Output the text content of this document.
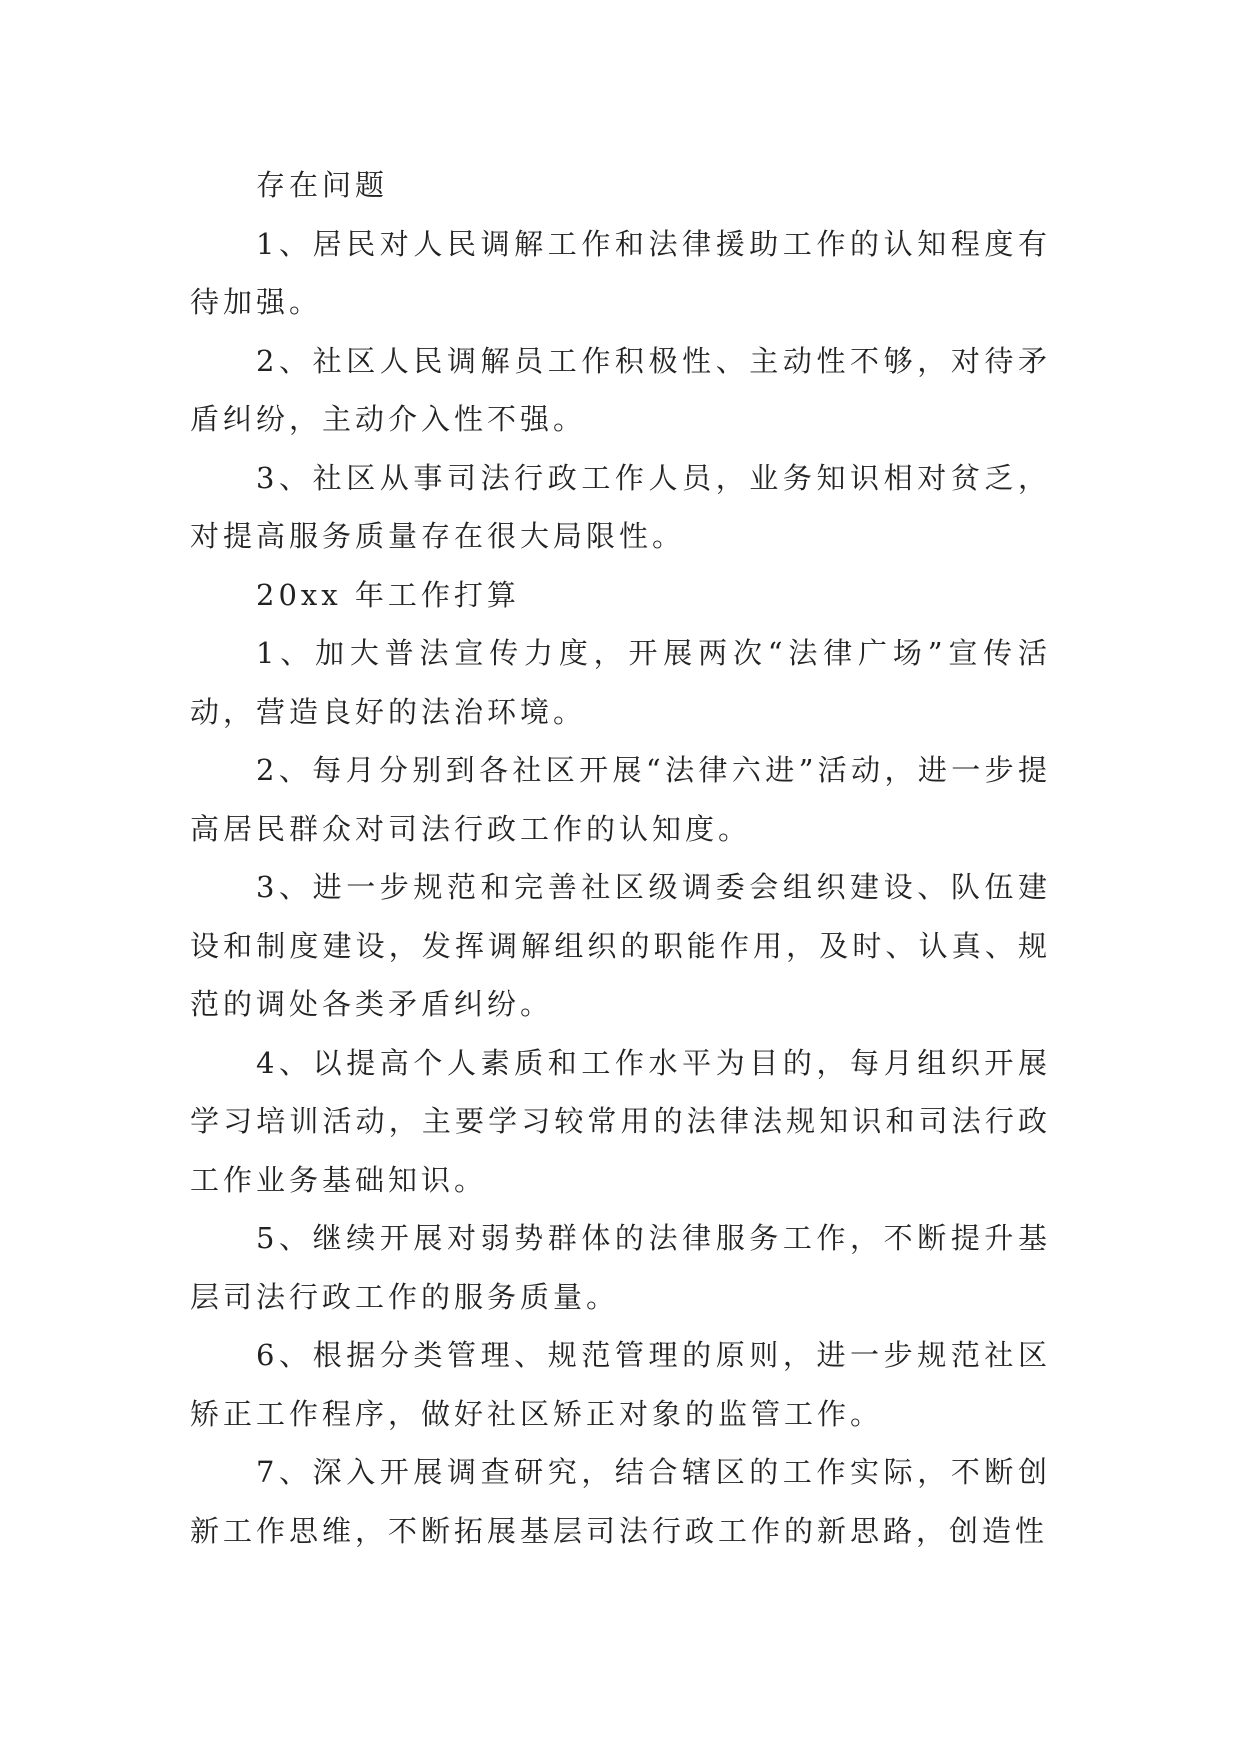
存在问题

1、居民对人民调解工作和法律援助工作的认知程度有待加强。

2、社区人民调解员工作积极性、主动性不够，对待矛盾纠纷，主动介入性不强。

3、社区从事司法行政工作人员，业务知识相对贫乏，对提高服务质量存在很大局限性。

20xx 年工作打算

1、加大普法宣传力度，开展两次“法律广场”宣传活动，营造良好的法治环境。

2、每月分别到各社区开展“法律六进”活动，进一步提高居民群众对司法行政工作的认知度。

3、进一步规范和完善社区级调委会组织建设、队伍建设和制度建设，发挥调解组织的职能作用，及时、认真、规范的调处各类矛盾纠纷。

4、以提高个人素质和工作水平为目的，每月组织开展学习培训活动，主要学习较常用的法律法规知识和司法行政工作业务基础知识。

5、继续开展对弱势群体的法律服务工作，不断提升基层司法行政工作的服务质量。

6、根据分类管理、规范管理的原则，进一步规范社区矫正工作程序，做好社区矫正对象的监管工作。

7、深入开展调查研究，结合辖区的工作实际，不断创新工作思维，不断拓展基层司法行政工作的新思路，创造性
